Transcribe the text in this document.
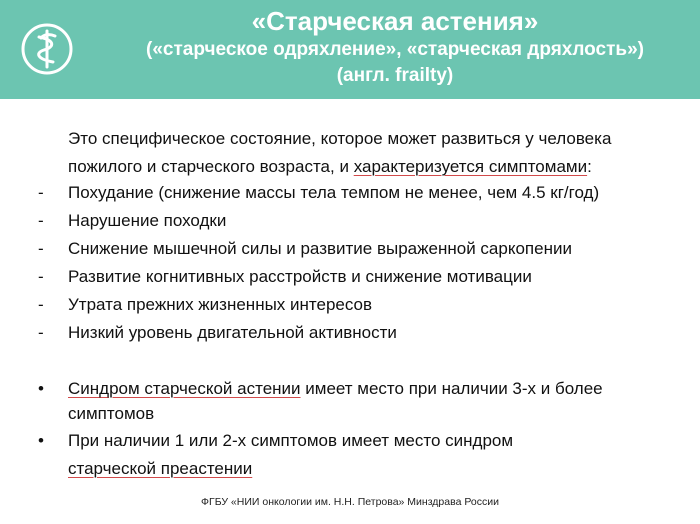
«Старческая астения»
(«старческое одряхление», «старческая дряхлость»)
(англ. frailty)
Это специфическое состояние, которое может развиться у человека
пожилого и старческого возраста, и характеризуется симптомами:
-	Похудание (снижение массы тела темпом не менее, чем 4.5 кг/год)
-	Нарушение походки
-	Снижение мышечной силы и развитие выраженной саркопении
-	Развитие когнитивных расстройств и снижение мотивации
-	Утрата прежних жизненных интересов
-	Низкий уровень двигательной активности
•	Синдром старческой астении имеет место при наличии 3-х и более
симптомов
•	При наличии 1 или 2-х симптомов имеет место синдром
старческой преастении
ФГБУ «НИИ онкологии им. Н.Н. Петрова» Минздрава России
